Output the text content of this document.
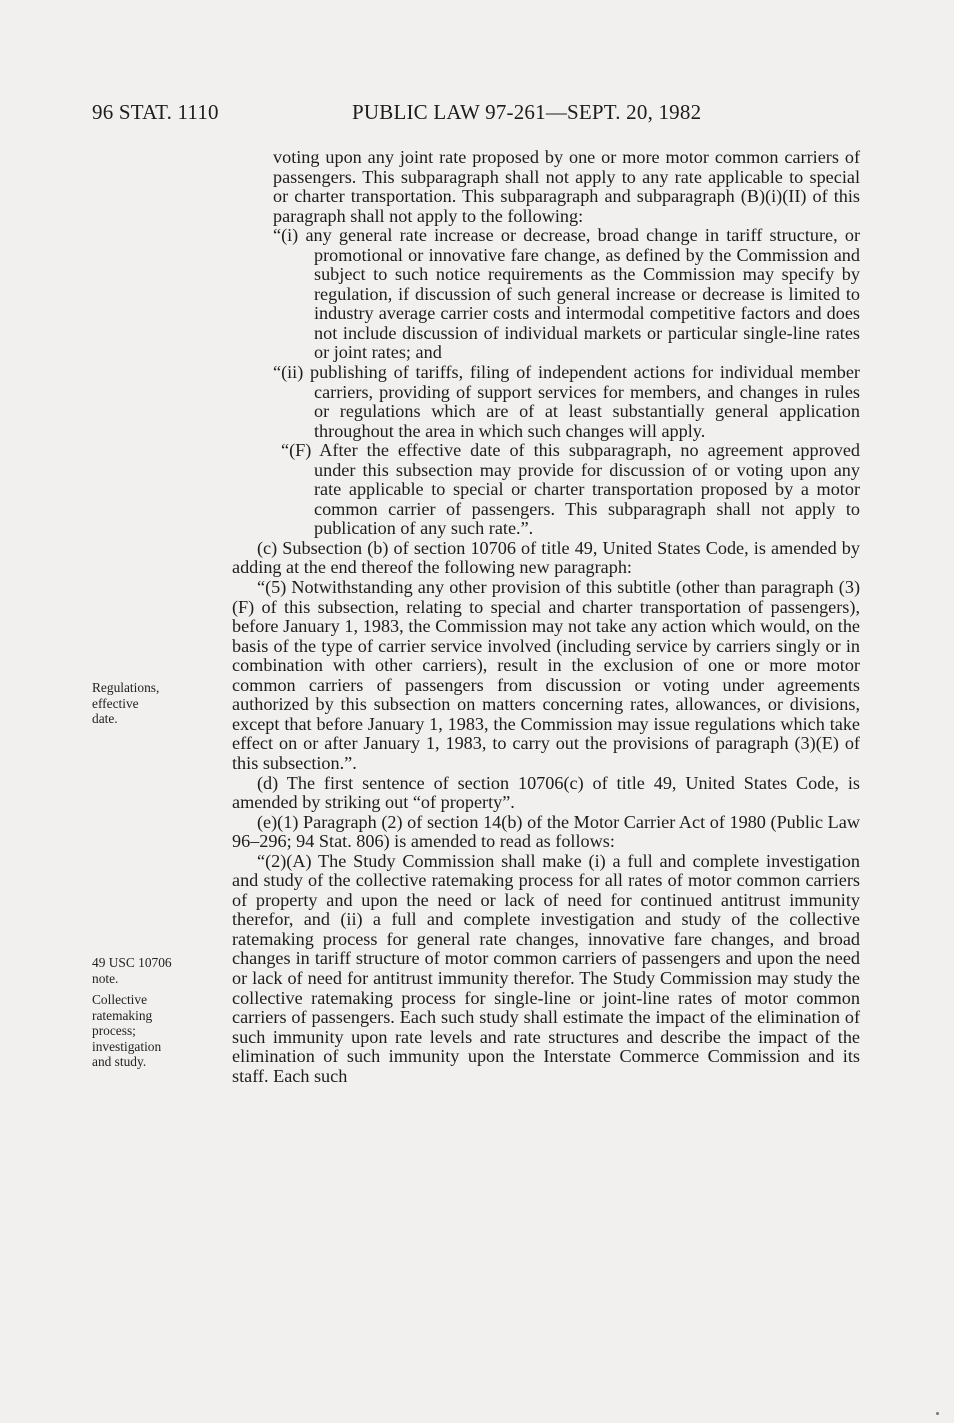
96 STAT. 1110	PUBLIC LAW 97-261—SEPT. 20, 1982
Regulations,
effective
date.
49 USC 10706
note.
Collective
ratemaking
process;
investigation
and study.

voting upon any joint rate proposed by one or more motor common carriers of passengers. This subparagraph shall not apply to any rate applicable to special or charter transportation. This subparagraph and subparagraph (B)(i)(II) of this paragraph shall not apply to the following:

“(i) any general rate increase or decrease, broad change in tariff structure, or promotional or innovative fare change, as defined by the Commission and subject to such notice requirements as the Commission may specify by regulation, if discussion of such general increase or decrease is limited to industry average carrier costs and intermodal competitive factors and does not include discussion of individual markets or particular single-line rates or joint rates; and

“(ii) publishing of tariffs, filing of independent actions for individual member carriers, providing of support services for members, and changes in rules or regulations which are of at least substantially general application throughout the area in which such changes will apply.

“(F) After the effective date of this subparagraph, no agreement approved under this subsection may provide for discussion of or voting upon any rate applicable to special or charter transportation proposed by a motor common carrier of passengers. This subparagraph shall not apply to publication of any such rate.”.

(c) Subsection (b) of section 10706 of title 49, United States Code, is amended by adding at the end thereof the following new paragraph:

“(5) Notwithstanding any other provision of this subtitle (other than paragraph (3)(F) of this subsection, relating to special and charter transportation of passengers), before January 1, 1983, the Commission may not take any action which would, on the basis of the type of carrier service involved (including service by carriers singly or in combination with other carriers), result in the exclusion of one or more motor common carriers of passengers from discussion or voting under agreements authorized by this subsection on matters concerning rates, allowances, or divisions, except that before January 1, 1983, the Commission may issue regulations which take effect on or after January 1, 1983, to carry out the provisions of paragraph (3)(E) of this subsection.”.

(d) The first sentence of section 10706(c) of title 49, United States Code, is amended by striking out “of property”.

(e)(1) Paragraph (2) of section 14(b) of the Motor Carrier Act of 1980 (Public Law 96–296; 94 Stat. 806) is amended to read as follows:

“(2)(A) The Study Commission shall make (i) a full and complete investigation and study of the collective ratemaking process for all rates of motor common carriers of property and upon the need or lack of need for continued antitrust immunity therefor, and (ii) a full and complete investigation and study of the collective ratemaking process for general rate changes, innovative fare changes, and broad changes in tariff structure of motor common carriers of passengers and upon the need or lack of need for antitrust immunity therefor. The Study Commission may study the collective ratemaking process for single-line or joint-line rates of motor common carriers of passengers. Each such study shall estimate the impact of the elimination of such immunity upon rate levels and rate structures and describe the impact of the elimination of such immunity upon the Interstate Commerce Commission and its staff. Each such
